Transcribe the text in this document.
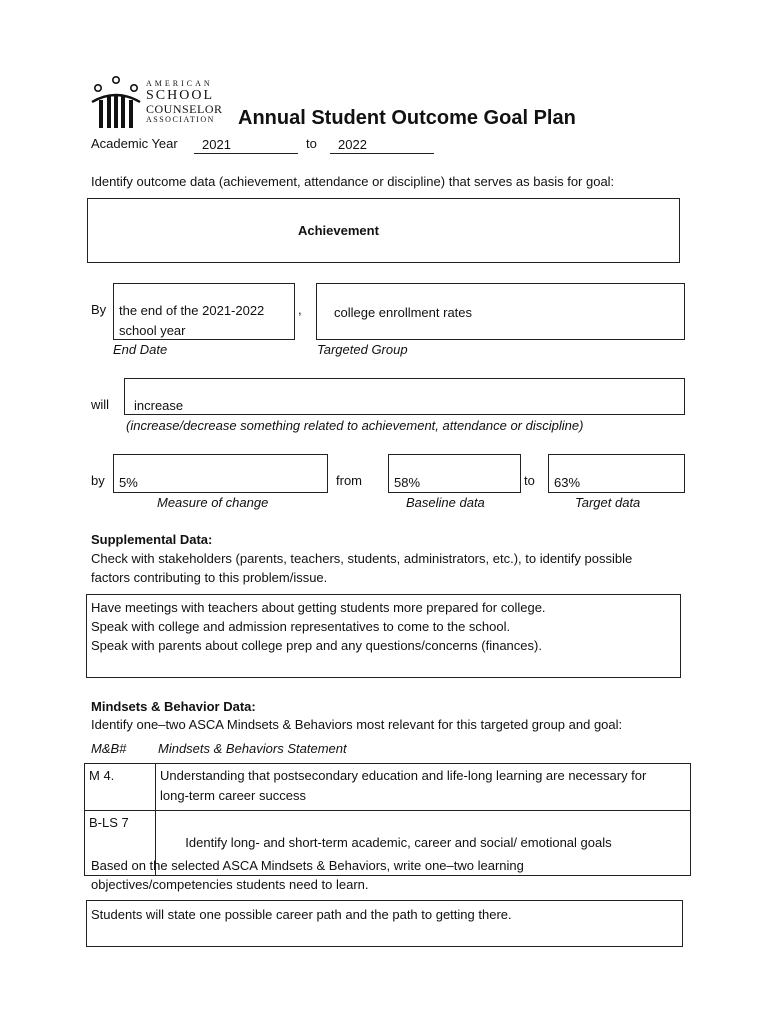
AMERICAN
SCHOOL
COUNSELOR
ASSOCIATION Annual Student Outcome Goal Plan
Academic Year 2021	to 2022
Identify outcome data (achievement, attendance or discipline) that serves as basis for goal:
Achievement
By the end of the 2021-2022
school year
, college enrollment rates
End Date	Targeted Group
will increase
(increase/decrease something related to achievement, attendance or discipline)
by 5%	from 58%	to 63%
Measure of change	Baseline data	Target data
Supplemental Data:
Check with stakeholders (parents, teachers, students, administrators, etc.), to identify possible
factors contributing to this problem/issue.
Have meetings with teachers about getting students more prepared for college.
Speak with college and admission representatives to come to the school.
Speak with parents about college prep and any questions/concerns (finances).
Mindsets & Behavior Data:
Identify one–two ASCA Mindsets & Behaviors most relevant for this targeted group and goal:
M&B# Mindsets & Behaviors Statement
M 4.	Understanding that postsecondary education and life-long learning are necessary for
long-term career success

B-LS 7	Identify long- and short-term academic, career and social/ emotional goals

Based on the selected ASCA Mindsets & Behaviors, write one–two learning
objectives/competencies students need to learn.
Students will state one possible career path and the path to getting there.
